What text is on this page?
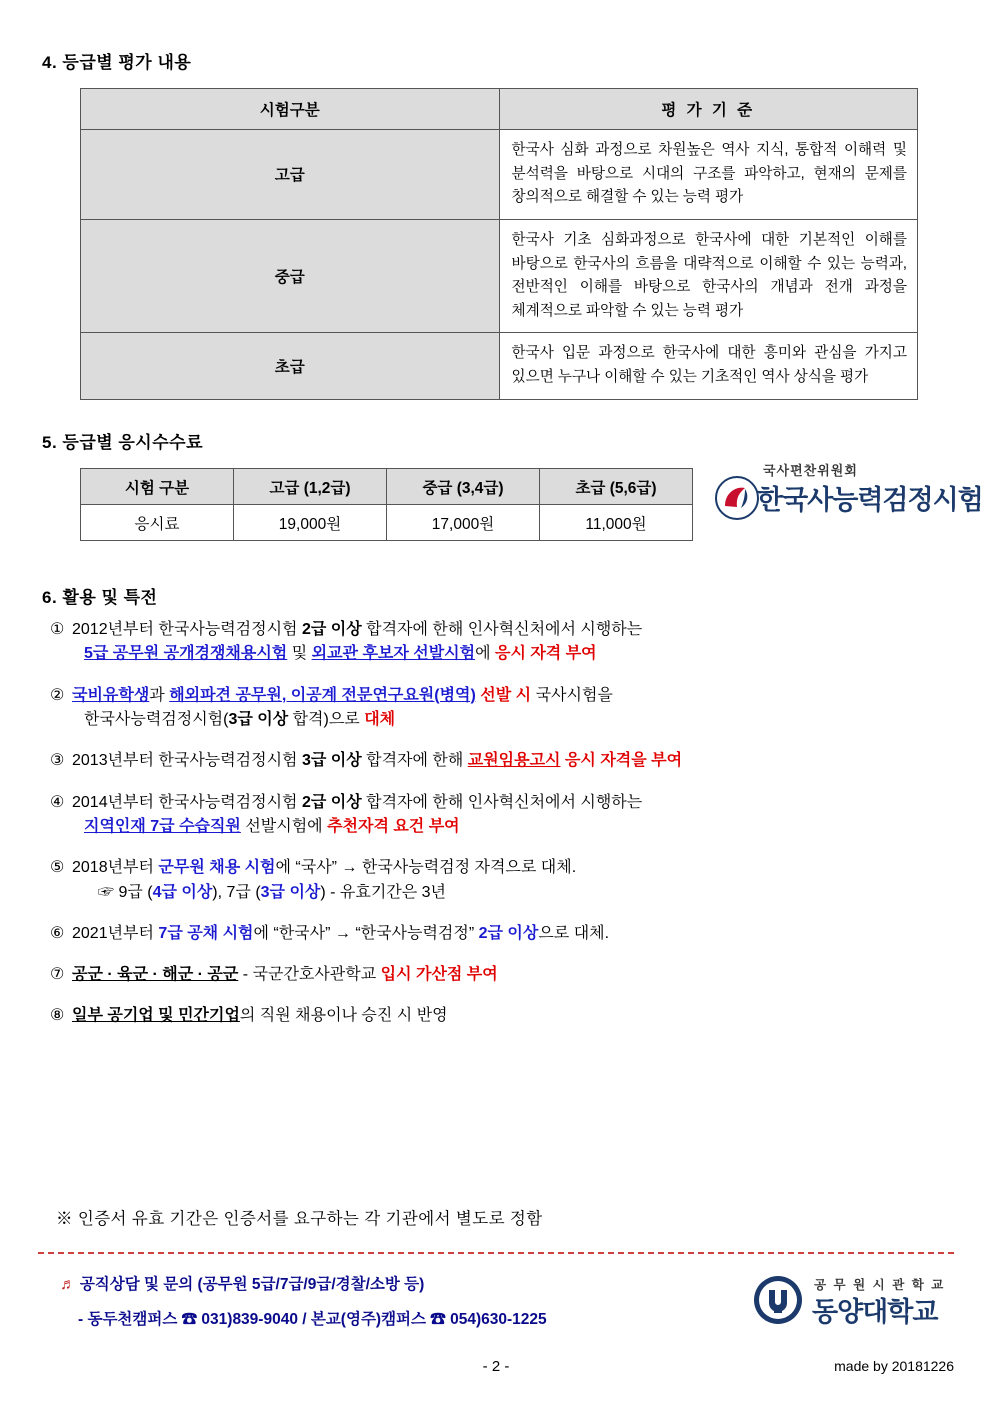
4. 등급별 평가 내용
시험구분	평 가 기 준
고급	한국사 심화 과정으로 차원높은 역사 지식, 통합적 이해력 및 분석력을 바탕으로 시대의 구조를 파악하고, 현재의 문제를 창의적으로 해결할 수 있는 능력 평가
중급	한국사 기초 심화과정으로 한국사에 대한 기본적인 이해를 바탕으로 한국사의 흐름을 대략적으로 이해할 수 있는 능력과, 전반적인 이해를 바탕으로 한국사의 개념과 전개 과정을 체계적으로 파악할 수 있는 능력 평가
초급	한국사 입문 과정으로 한국사에 대한 흥미와 관심을 가지고 있으면 누구나 이해할 수 있는 기초적인 역사 상식을 평가
5. 등급별 응시수수료
시험 구분	고급 (1,2급)	중급 (3,4급)	초급 (5,6급)
응시료	19,000원	17,000원	11,000원
국사편찬위원회
한국사능력검정시험
6. 활용 및 특전
① 2012년부터 한국사능력검정시험 2급 이상 합격자에 한해 인사혁신처에서 시행하는
5급 공무원 공개경쟁채용시험 및 외교관 후보자 선발시험에 응시 자격 부여
② 국비유학생과 해외파견 공무원, 이공계 전문연구요원(병역) 선발 시 국사시험을
한국사능력검정시험(3급 이상 합격)으로 대체
③ 2013년부터 한국사능력검정시험 3급 이상 합격자에 한해 교원임용고시 응시 자격을 부여
④ 2014년부터 한국사능력검정시험 2급 이상 합격자에 한해 인사혁신처에서 시행하는
지역인재 7급 수습직원 선발시험에 추천자격 요건 부여
⑤ 2018년부터 군무원 채용 시험에 “국사” → 한국사능력검정 자격으로 대체.
☞ 9급 (4급 이상), 7급 (3급 이상) - 유효기간은 3년
⑥ 2021년부터 7급 공채 시험에 “한국사” → “한국사능력검정” 2급 이상으로 대체.
⑦ 공군 · 육군 · 해군 · 공군 - 국군간호사관학교 입시 가산점 부여
⑧ 일부 공기업 및 민간기업의 직원 채용이나 승진 시 반영
※ 인증서 유효 기간은 인증서를 요구하는 각 기관에서 별도로 정함
♬ 공직상담 및 문의 (공무원 5급/7급/9급/경찰/소방 등)
- 동두천캠퍼스 ☎ 031)839-9040 / 본교(영주)캠퍼스 ☎ 054)630-1225
공 무 원 시 관 학 교
동양대학교
- 2 -	made by 20181226
